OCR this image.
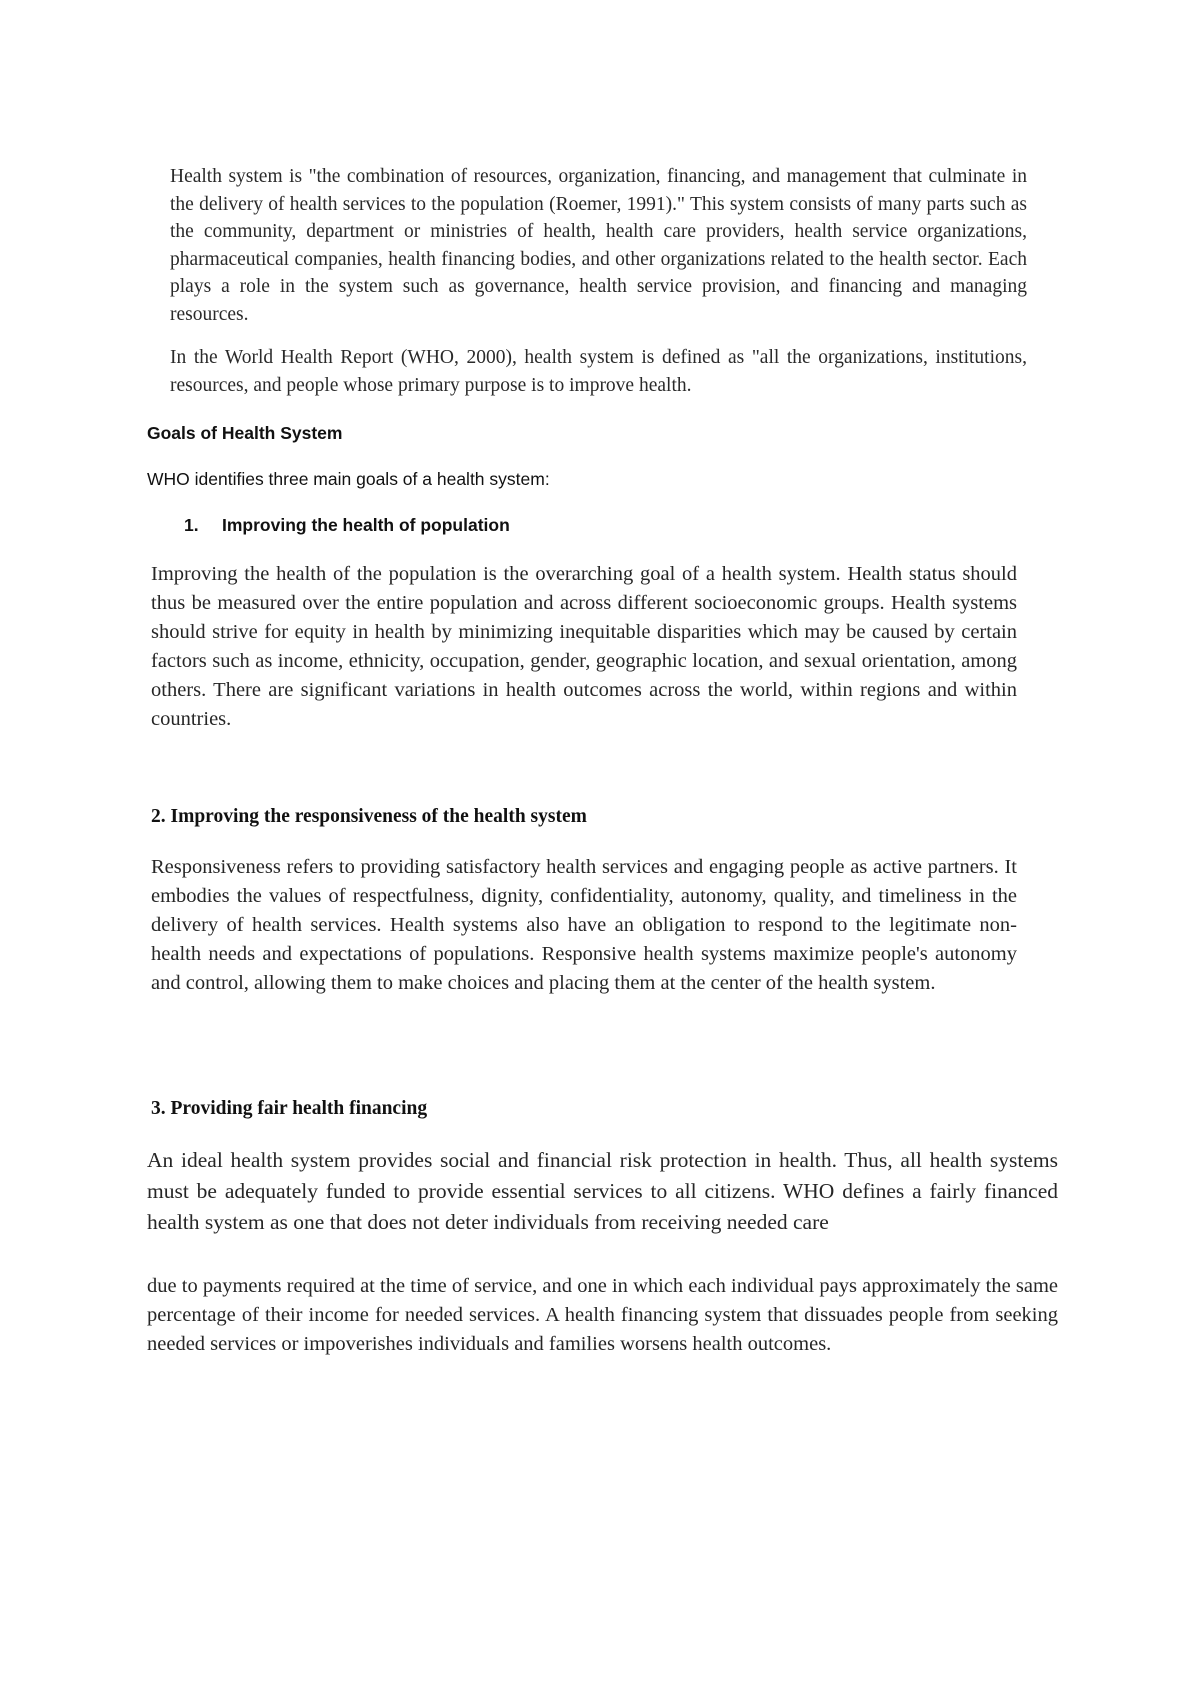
Health system is "the combination of resources, organization, financing, and management that culminate in the delivery of health services to the population (Roemer, 1991)." This system consists of many parts such as the community, department or ministries of health, health care providers, health service organizations, pharmaceutical companies, health financing bodies, and other organizations related to the health sector. Each plays a role in the system such as governance, health service provision, and financing and managing resources.

In the World Health Report (WHO, 2000), health system is defined as "all the organizations, institutions, resources, and people whose primary purpose is to improve health.

Goals of Health System
WHO identifies three main goals of a health system:
1. Improving the health of population

Improving the health of the population is the overarching goal of a health system. Health status should thus be measured over the entire population and across different socioeconomic groups. Health systems should strive for equity in health by minimizing inequitable disparities which may be caused by certain factors such as income, ethnicity, occupation, gender, geographic location, and sexual orientation, among others. There are significant variations in health outcomes across the world, within regions and within countries.

2. Improving the responsiveness of the health system

Responsiveness refers to providing satisfactory health services and engaging people as active partners. It embodies the values of respectfulness, dignity, confidentiality, autonomy, quality, and timeliness in the delivery of health services. Health systems also have an obligation to respond to the legitimate non-health needs and expectations of populations. Responsive health systems maximize people's autonomy and control, allowing them to make choices and placing them at the center of the health system.

3. Providing fair health financing

An ideal health system provides social and financial risk protection in health. Thus, all health systems must be adequately funded to provide essential services to all citizens. WHO defines a fairly financed health system as one that does not deter individuals from receiving needed care

due to payments required at the time of service, and one in which each individual pays approximately the same percentage of their income for needed services. A health financing system that dissuades people from seeking needed services or impoverishes individuals and families worsens health outcomes.
